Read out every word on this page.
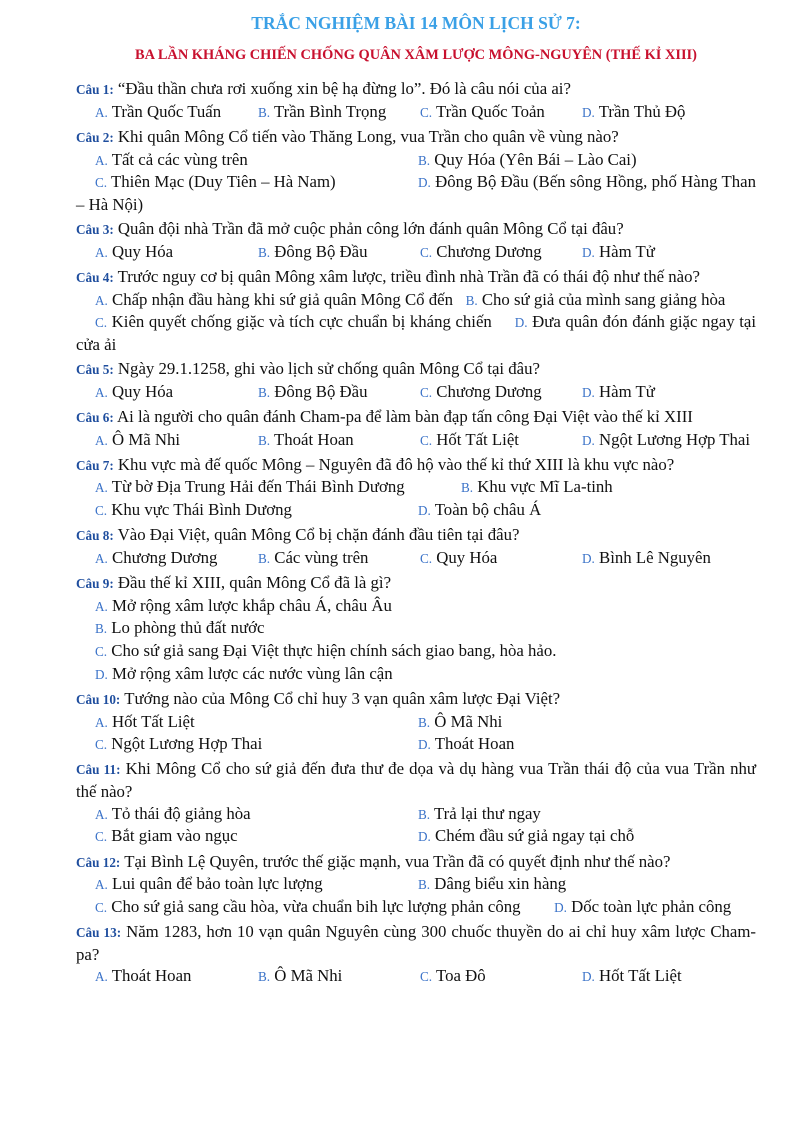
TRẮC NGHIỆM BÀI 14 MÔN LỊCH SỬ 7:
BA LẦN KHÁNG CHIẾN CHỐNG QUÂN XÂM LƯỢC MÔNG-NGUYÊN (THẾ KỈ XIII)
Câu 1: “Đầu thần chưa rơi xuống xin bệ hạ đừng lo”. Đó là câu nói của ai?
A. Trần Quốc Tuấn	B. Trần Bình Trọng	C. Trần Quốc Toản	D. Trần Thủ Độ
Câu 2: Khi quân Mông Cổ tiến vào Thăng Long, vua Trần cho quân về vùng nào?
A. Tất cả các vùng trên	B. Quy Hóa (Yên Bái – Lào Cai)
C. Thiên Mạc (Duy Tiên – Hà Nam)	D. Đông Bộ Đầu (Bến sông Hồng, phố Hàng Than – Hà Nội)
Câu 3: Quân đội nhà Trần đã mở cuộc phản công lớn đánh quân Mông Cổ tại đâu?
A. Quy Hóa	B. Đông Bộ Đầu	C. Chương Dương	D. Hàm Tử
Câu 4: Trước nguy cơ bị quân Mông xâm lược, triều đình nhà Trần đã có thái độ như thế nào?
A. Chấp nhận đầu hàng khi sứ giả quân Mông Cổ đến B. Cho sứ giả của mình sang giảng hòa
C. Kiên quyết chống giặc và tích cực chuẩn bị kháng chiến D. Đưa quân đón đánh giặc ngay tại cửa ải
Câu 5: Ngày 29.1.1258, ghi vào lịch sử chống quân Mông Cổ tại đâu?
A. Quy Hóa	B. Đông Bộ Đầu	C. Chương Dương	D. Hàm Tử
Câu 6: Ai là người cho quân đánh Cham-pa để làm bàn đạp tấn công Đại Việt vào thế kỉ XIII
A. Ô Mã Nhi	B. Thoát Hoan	C. Hốt Tất Liệt	D. Ngột Lương Hợp Thai
Câu 7: Khu vực mà đế quốc Mông – Nguyên đã đô hộ vào thế kỉ thứ XIII là khu vực nào?
A. Từ bờ Địa Trung Hải đến Thái Bình Dương	B. Khu vực Mĩ La-tinh
C. Khu vực Thái Bình Dương	D. Toàn bộ châu Á
Câu 8: Vào Đại Việt, quân Mông Cổ bị chặn đánh đầu tiên tại đâu?
A. Chương Dương	B. Các vùng trên	C. Quy Hóa	D. Bình Lê Nguyên
Câu 9: Đầu thế kỉ XIII, quân Mông Cổ đã là gì?
A. Mở rộng xâm lược khắp châu Á, châu Âu
B. Lo phòng thủ đất nước
C. Cho sứ giả sang Đại Việt thực hiện chính sách giao bang, hòa hảo.
D. Mở rộng xâm lược các nước vùng lân cận
Câu 10: Tướng nào của Mông Cổ chỉ huy 3 vạn quân xâm lược Đại Việt?
A. Hốt Tất Liệt	B. Ô Mã Nhi
C. Ngột Lương Hợp Thai	D. Thoát Hoan
Câu 11: Khi Mông Cổ cho sứ giả đến đưa thư đe dọa và dụ hàng vua Trần thái độ của vua Trần như thế nào?
A. Tỏ thái độ giảng hòa	B. Trả lại thư ngay
C. Bắt giam vào ngục	D. Chém đầu sứ giả ngay tại chỗ
Câu 12: Tại Bình Lệ Quyên, trước thế giặc mạnh, vua Trần đã có quyết định như thế nào?
A. Lui quân để bảo toàn lực lượng	B. Dâng biểu xin hàng
C. Cho sứ giả sang cầu hòa, vừa chuẩn bih lực lượng phản công	D. Dốc toàn lực phản công
Câu 13: Năm 1283, hơn 10 vạn quân Nguyên cùng 300 chuốc thuyền do ai chỉ huy xâm lược Cham-pa?
A. Thoát Hoan	B. Ô Mã Nhi	C. Toa Đô	D. Hốt Tất Liệt
